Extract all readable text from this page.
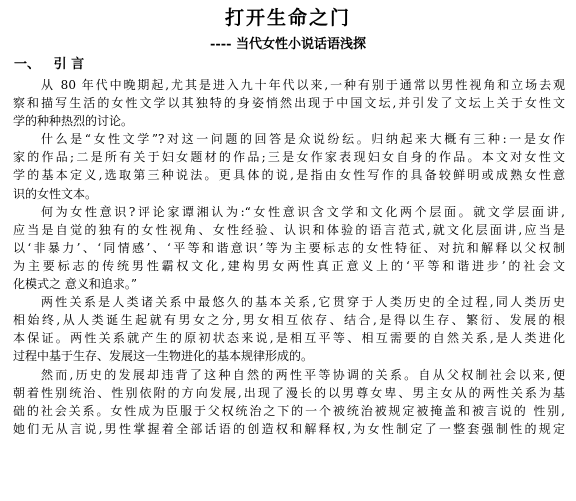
打开生命之门
---- 当代女性小说话语浅探
一、   引 言
从 80 年代中晚期起,尤其是进入九十年代以来,一种有别于通常以男性视角和立场去观
察和描写生活的女性文学以其独特的身姿悄然出现于中国文坛,并引发了文坛上关于女性文
学的种种热烈的讨论。
什么是“女性文学”?对这一问题的回答是众说纷纭。归纳起来大概有三种:一是女作
家的作品;二是所有关于妇女题材的作品;三是女作家表现妇女自身的作品。本文对女性文
学的基本定义,选取第三种说法。更具体的说,是指由女性写作的具备较鲜明或成熟女性意
识的女性文本。
何为女性意识?评论家谭湘认为:“女性意识含文学和文化两个层面。就文学层面讲,
应当是自觉的独有的女性视角、女性经验、认识和体验的语言范式,就文化层面讲,应当是
以‘非暴力’、‘同情感’、‘平等和谐意识’等为主要标志的女性特征、对抗和解释以父权制
为主要标志的传统男性霸权文化,建构男女两性真正意义上的‘平等和谐进步’的社会文
化模式之 意义和追求。”
两性关系是人类诸关系中最悠久的基本关系,它贯穿于人类历史的全过程,同人类历史
相始终,从人类诞生起就有男女之分,男女相互依存、结合,是得以生存、繁衍、发展的根
本保证。两性关系就产生的原初状态来说,是相互平等、相互需要的自然关系,是人类进化
过程中基于生存、发展这一生物进化的基本规律形成的。
然而,历史的发展却违背了这种自然的两性平等协调的关系。自从父权制社会以来,便
朝着性别统治、性别依附的方向发展,出现了漫长的以男尊女卑、男主女从的两性关系为基
础的社会关系。女性成为臣服于父权统治之下的一个被统治被规定被掩盖和被言说的 性别,
她们无从言说,男性掌握着全部话语的创造权和解释权,为女性制定了一整套强制性的规定
